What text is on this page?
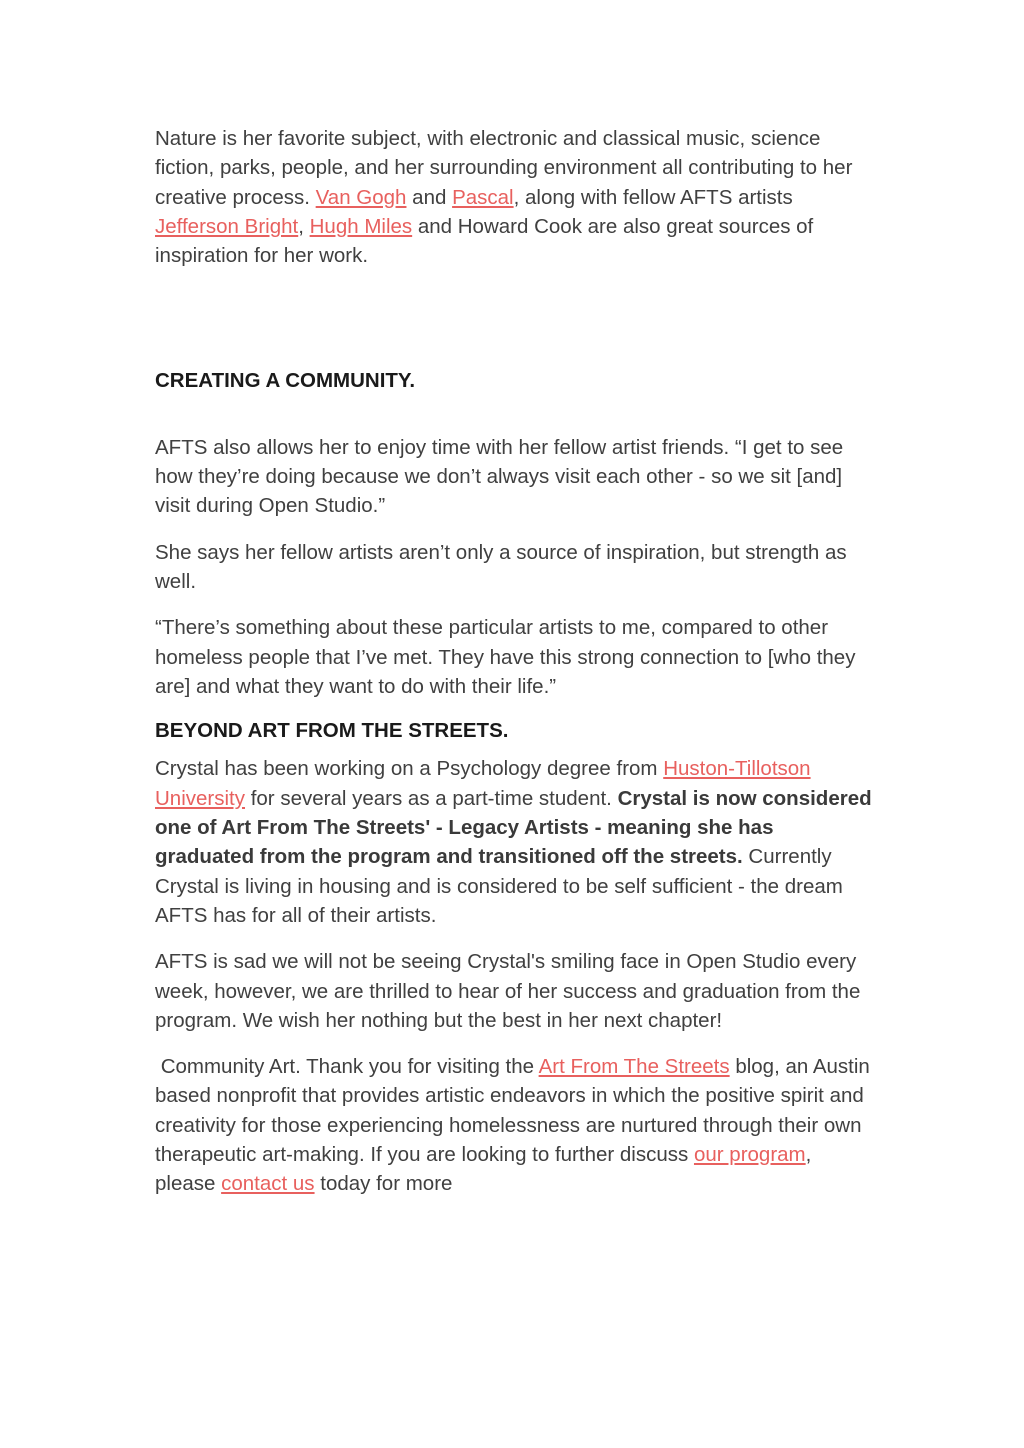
Nature is her favorite subject, with electronic and classical music, science fiction, parks, people, and her surrounding environment all contributing to her creative process. Van Gogh and Pascal, along with fellow AFTS artists Jefferson Bright, Hugh Miles and Howard Cook are also great sources of inspiration for her work.

CREATING A COMMUNITY.

AFTS also allows her to enjoy time with her fellow artist friends. “I get to see how they’re doing because we don’t always visit each other - so we sit [and] visit during Open Studio.”

She says her fellow artists aren’t only a source of inspiration, but strength as well.

“There’s something about these particular artists to me, compared to other homeless people that I’ve met. They have this strong connection to [who they are] and what they want to do with their life.”

BEYOND ART FROM THE STREETS.

Crystal has been working on a Psychology degree from Huston-Tillotson University for several years as a part-time student. Crystal is now considered one of Art From The Streets' - Legacy Artists - meaning she has graduated from the program and transitioned off the streets. Currently Crystal is living in housing and is considered to be self sufficient - the dream AFTS has for all of their artists.

AFTS is sad we will not be seeing Crystal's smiling face in Open Studio every week, however, we are thrilled to hear of her success and graduation from the program. We wish her nothing but the best in her next chapter!

Community Art. Thank you for visiting the Art From The Streets blog, an Austin based nonprofit that provides artistic endeavors in which the positive spirit and creativity for those experiencing homelessness are nurtured through their own therapeutic art-making. If you are looking to further discuss our program, please contact us today for more
